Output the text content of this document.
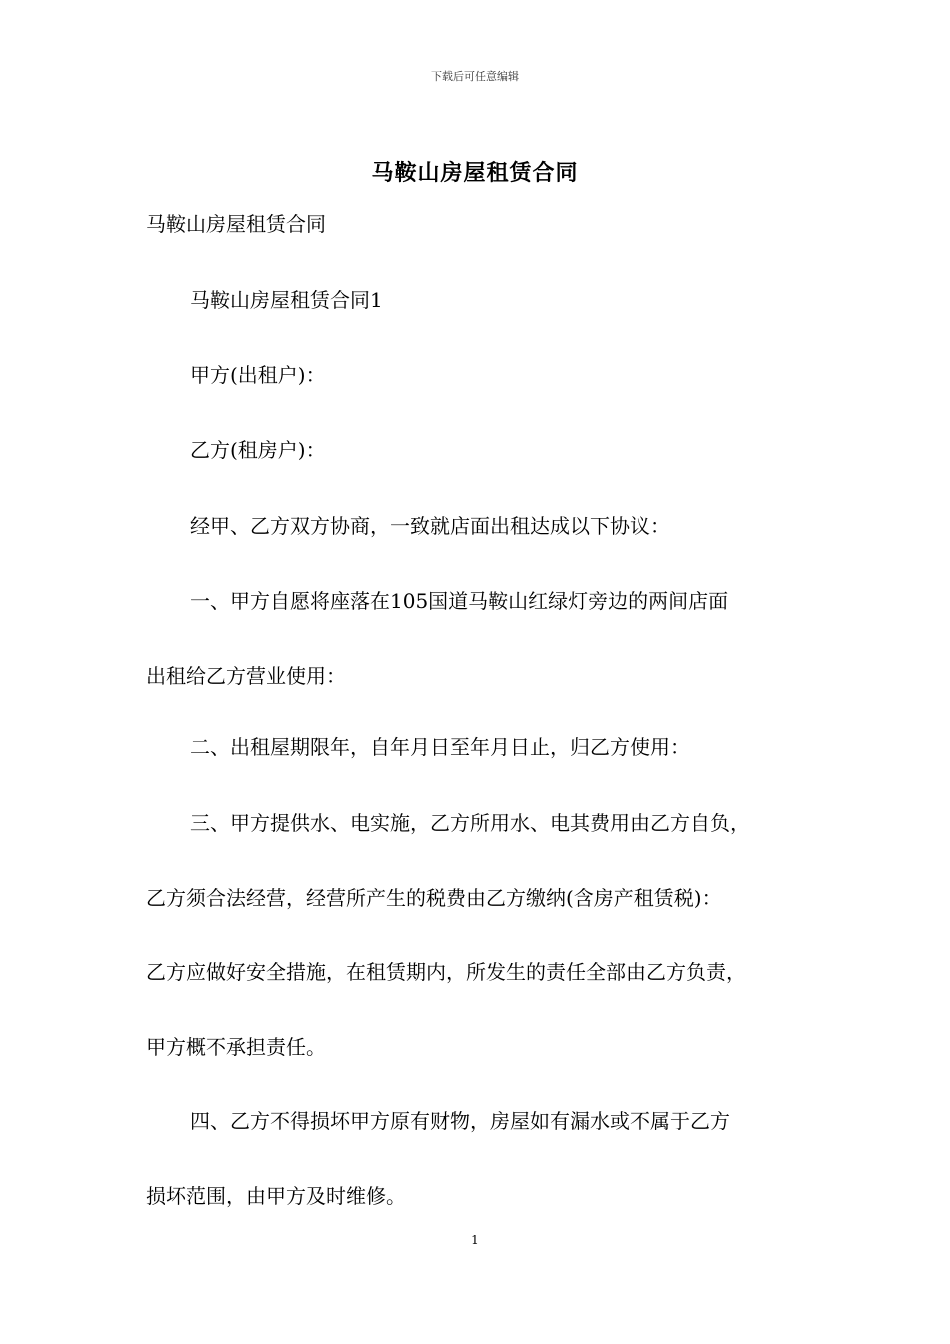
下载后可任意编辑
马鞍山房屋租赁合同
马鞍山房屋租赁合同
马鞍山房屋租赁合同1
甲方(出租户)：
乙方(租房户)：
经甲、乙方双方协商，一致就店面出租达成以下协议：
一、甲方自愿将座落在105国道马鞍山红绿灯旁边的两间店面
出租给乙方营业使用：
二、出租屋期限年，自年月日至年月日止，归乙方使用：
三、甲方提供水、电实施，乙方所用水、电其费用由乙方自负，
乙方须合法经营，经营所产生的税费由乙方缴纳(含房产租赁税)：
乙方应做好安全措施，在租赁期内，所发生的责任全部由乙方负责，
甲方概不承担责任。
四、乙方不得损坏甲方原有财物，房屋如有漏水或不属于乙方
损坏范围，由甲方及时维修。
1
